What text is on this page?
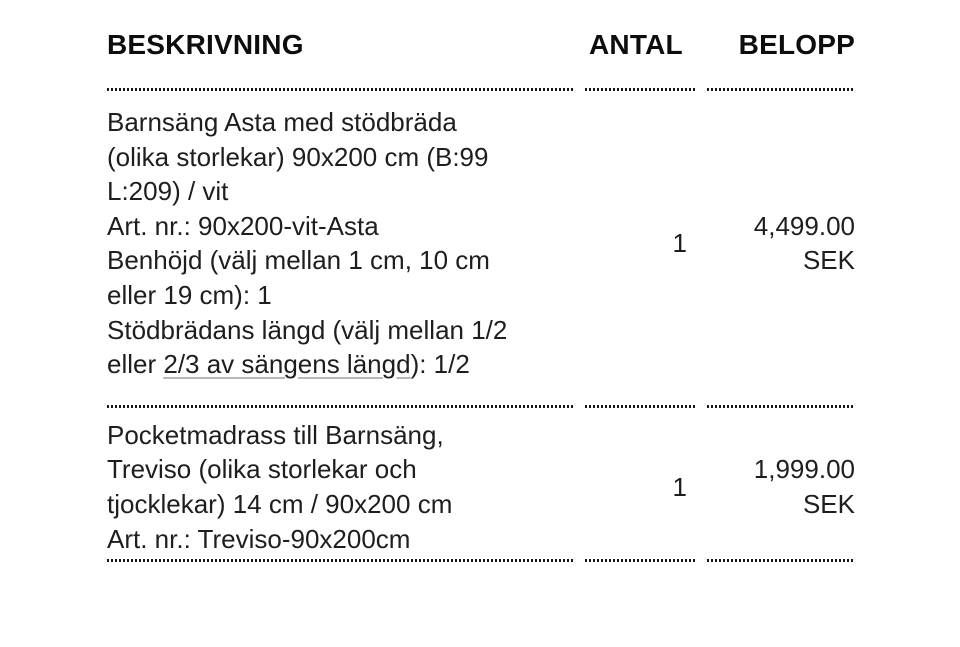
BESKRIVNING	ANTAL	BELOPP
Barnsäng Asta med stödbräda
(olika storlekar) 90x200 cm (B:99
L:209) / vit
Art. nr.: 90x200-vit-Asta
Benhöjd (välj mellan 1 cm, 10 cm
eller 19 cm): 1
Stödbrädans längd (välj mellan 1/2
eller 2/3 av sängens längd): 1/2
1
4,499.00
SEK
Pocketmadrass till Barnsäng,
Treviso (olika storlekar och
tjocklekar) 14 cm / 90x200 cm
Art. nr.: Treviso-90x200cm
1
1,999.00
SEK
